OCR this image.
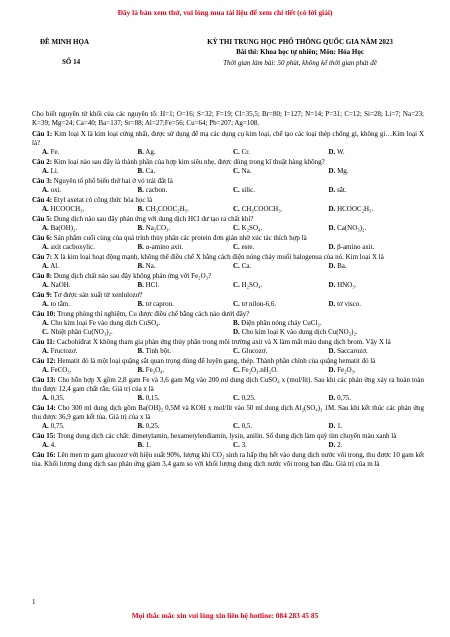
Đây là bản xem thử, vui lòng mua tài liệu để xem chi tiết (có lời giải)
ĐỀ MINH HỌA
SỐ 14
KỲ THI TRUNG HỌC PHỔ THÔNG QUỐC GIA NĂM 2023
Bài thi: Khoa học tự nhiên; Môn: Hóa Học
Thời gian làm bài: 50 phút, không kể thời gian phát đề
Cho biết nguyên tử khối của các nguyên tố: H=1; O=16; S=32; F=19; Cl=35,5; Br=80; I=127; N=14; P=31; C=12; Si=28; Li=7; Na=23; K=39; Mg=24; Ca=40; Ba=137; Sr=88; Al=27;Fe=56; Cu=64; Pb=207; Ag=108.
Câu 1: Kim loại X là kim loại cứng nhất, được sử dụng để mạ các dụng cụ kim loại, chế tạo các loại thép chống gỉ, không gỉ…Kim loại X là?
A. Fe.	B. Ag.	C. Cr.	D. W.
Câu 2: Kim loại nào sau đây là thành phần của hợp kim siêu nhẹ, được dùng trong kĩ thuật hàng không?
A. Li.	B. Ca.	C. Na.	D. Mg.
Câu 3: Nguyên tố phổ biến thứ hai ở vỏ trái đất là
A. oxi.	B. cacbon.	C. silic.	D. sắt.
Câu 4: Etyl axetat có công thức hóa học là
A. HCOOCH₃.	B. CH₃COOC₂H₅.	C. CH₃COOCH₃.	D. HCOOC₂H₅.
Câu 5: Dung dịch nào sau đây phản ứng với dung dịch HCl dư tạo ra chất khí?
A. Ba(OH)₂.	B. Na₂CO₃.	C. K₂SO₄.	D. Ca(NO₃)₂.
Câu 6: Sản phẩm cuối cùng của quá trình thủy phân các protein đơn giản nhờ xúc tác thích hợp là
A. axit cacboxylic.	B. α-amino axit.	C. este.	D. β-amino axit.
Câu 7: X là kim loại hoạt động mạnh, không thể điều chế X bằng cách điện nóng chảy muối halogenua của nó. Kim loại X là
A. Al.	B. Na.	C. Ca.	D. Ba.
Câu 8: Dung dịch chất nào sau đây không phản ứng với Fe₂O₃?
A. NaOH.	B. HCl.	C. H₂SO₄.	D. HNO₃.
Câu 9: Tơ được sản xuất từ xenlulozơ?
A. to tằm.	B. tơ capron.	C. tơ nilon-6,6.	D. tơ visco.
Câu 10: Trong phòng thí nghiệm, Cu được điều chế bằng cách nào dưới đây?
A. Cho kim loại Fe vào dung dịch CuSO₄.	B. Điện phân nóng chảy CuCl₂.
C. Nhiệt phân Cu(NO₃)₂.	D. Cho kim loại K vào dung dịch Cu(NO₃)₂.
Câu 11: Cacbohiđrat X không tham gia phản ứng thủy phân trong môi trường axit và X làm mất màu dung dịch brom. Vậy X là
A. Fructozơ.	B. Tinh bột.	C. Glucozơ.	D. Saccarozơ.
Câu 12: Hematit đỏ là một loại quặng sắt quan trọng dùng để luyện gang, thép. Thành phần chính của quặng hematit đỏ là
A. FeCO₃.	B. Fe₃O₄.	C. Fe₂O₃.nH₂O.	D. Fe₂O₃.
Câu 13: Cho hỗn hợp X gồm 2,8 gam Fe và 3,6 gam Mg vào 200 ml dung dịch CuSO₄ x (mol/lít). Sau khi các phản ứng xảy ra hoàn toàn thu được 12,4 gam chất rắn. Giá trị của x là
A. 0,35.	B. 0,15.	C. 0,25.	D. 0,75.
Câu 14: Cho 300 ml dung dịch gồm Ba(OH)₂ 0,5M và KOH x mol/lít vào 50 ml dung dịch Al₂(SO₄)₃ 1M. Sau khi kết thúc các phản ứng thu được 36,9 gam kết tủa. Giá trị của x là
A. 0,75.	B. 0,25.	C. 0,5.	D. 1.
Câu 15: Trong dung dịch các chất: đimetylamin, hexametylenđiamin, lysin, anilin. Số dung dịch làm quỳ tím chuyển màu xanh là
A. 4.	B. 1.	C. 3.	D. 2.
Câu 16: Lên men m gam glucozơ với hiệu suất 90%, lượng khí CO₂ sinh ra hấp thụ hết vào dung dịch nước vôi trong, thu được 10 gam kết tủa. Khối lượng dung dịch sau phản ứng giảm 3,4 gam so với khối lượng dung dịch nước vôi trong ban đầu. Giá trị của m là
1
Mọi thắc mắc xin vui lòng xin liên hệ hotline: 084 283 45 85
